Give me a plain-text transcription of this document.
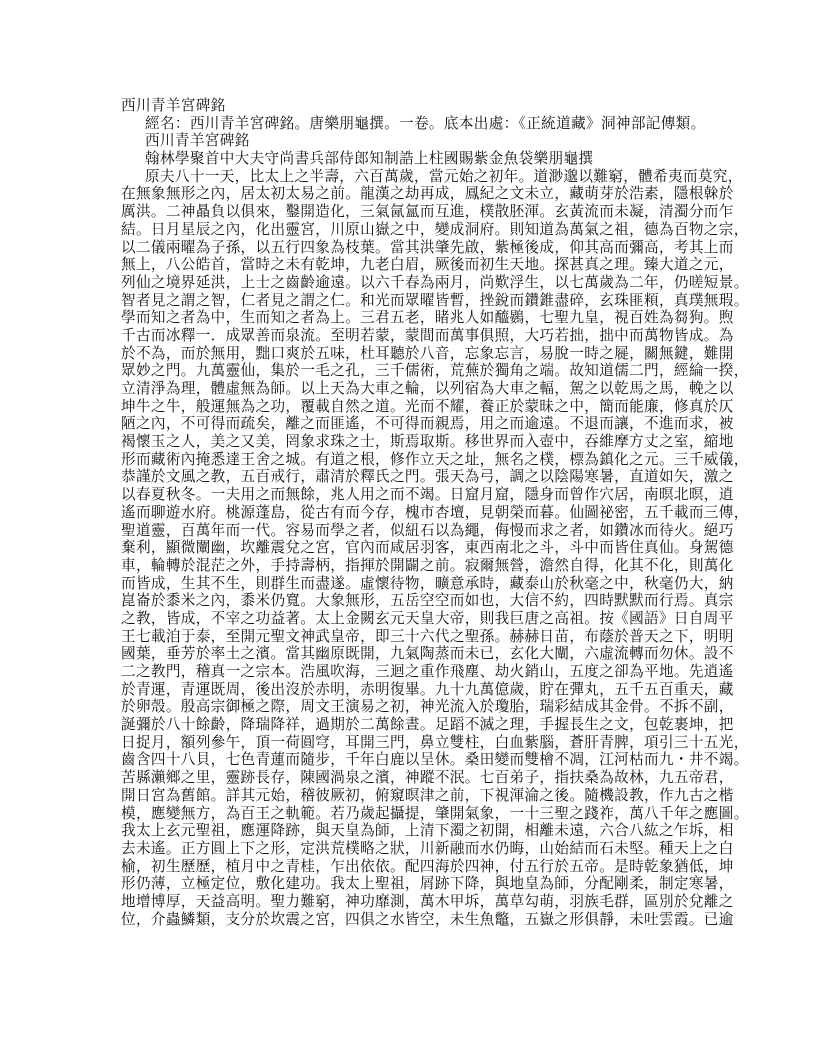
西川青羊宮碑銘
經名：西川青羊宮碑銘。唐樂朋龜撰。一卷。底本出處：《正統道藏》洞神部記傳類。
西川青羊宮碑銘
翰林學聚首中大夫守尚書兵部侍郎知制誥上柱國賜紫金魚袋樂朋龜撰
原夫八十一天，比太上之半壽，六百萬歲，當元始之初年。道渺邈以難窮，體希夷而莫究，
在無象無形之內，居太初太易之前。龍漢之劫再成，鳳紀之文未立，藏萌芽於浩素，隱根榦於
厲洪。二神贔負以俱來，鑿開造化，三氣氤氳而互進，樸散胚渾。玄黃流而未凝，清濁分而乍
結。日月星辰之內，化出靈宮，川原山嶽之中，變成洞府。則知道為萬氣之祖，德為百物之宗，
以二儀兩曜為子孫，以五行四象為枝葉。當其洪肇先啟，紫極後成，仰其高而彌高，考其上而
無上，八公皓首，當時之未有乾坤，九老白眉，厥後而初生天地。探甚真之理。臻大道之元，
列仙之境界延洪，上士之齒齡逾遠。以六千春為兩月，尚歎浮生，以七萬歲為二年，仍嗟短景。
智者見之謂之智，仁者見之謂之仁。和光而眾曜皆暫，挫銳而鑽錐盡碎，玄珠匪頪，真璞無瑕。
學而知之者為中，生而知之者為上。三君五老，睹兆人如醯鷃，七聖九皇，視百姓為芻狗。煦
千古而冰釋一．成眾善而泉流。至明若蒙，蒙間而萬事俱照，大巧若拙，拙中而萬物皆成。為
於不為，而於無用，黜口爽於五味，杜耳聽於八音，忘象忘言，易脫一時之屣，關無鍵，難開
眾妙之門。九萬靈仙，集於一毛之孔，三千儒術，荒蕪於獨角之端。故知道儒二門，經綸一揆，
立清淨為理，體虛無為師。以上天為大車之輪，以列宿為大車之輻，駕之以乾馬之馬，輓之以
坤牛之牛，般運無為之功，覆載自然之道。光而不耀，養正於蒙昧之中，簡而能廉，修真於仄
陋之內，不可得而疏矣，離之而匪遙，不可得而親焉，用之而逾遠。不退而讓，不進而求，被
褐懷玉之人，美之又美，罔象求珠之士，斯焉取斯。移世界而入壺中，吞維摩方丈之室，縮地
形而藏術內掩悉達王舍之城。有道之根，修作立天之址，無名之樸，標為鎮化之元。三千威儀，
恭謹於文風之教，五百戒行，肅清於釋氏之門。張天為弓，調之以陰陽寒暑，直道如矢，激之
以春夏秋冬。一夫用之而無餘，兆人用之而不竭。日窟月窟，隱身而曾作穴居，南暝北暝，逍
遙而聊遊水府。桃源蓬島，從古有而今存，槐市杏壇，見朝榮而暮。仙圖祕密，五千載而三傳，
聖道靈，百萬年而一代。容易而學之者，似紐石以為繩，侮慢而求之者，如鑽冰而待火。絕巧
棄利，顯微闡幽，坎離震兌之宮，官內而咸居羽客，東西南北之斗，斗中而皆住真仙。身駕德
車，輪轉於混茫之外，手持壽柄，指揮於開闢之前。寂爾無營，澹然自得，化其不化，則萬化
而皆成，生其不生，則群生而盡遂。虛懷待物，曠意承時，藏泰山於秋毫之中，秋毫仍大，納
崑崙於黍米之內，黍米仍寬。大象無形，五岳空空而如也，大信不約，四時默默而行焉。真宗
之教，皆成，不宰之功益著。太上金闕玄元天皇大帝，則我巨唐之高祖。按《國語》日自周平
王七載洎于泰，至開元聖文神武皇帝，即三十六代之聖孫。赫赫日苗，布蔭於普天之下，明明
國葉，垂芳於率土之濱。當其幽原既開，九氣陶蒸而未已，玄化大闡，六虛流轉而勿休。設不
二之教門，稽真一之宗本。浩風吹海，三迴之重作飛塵、劫火銷山，五度之卻為平地。先逍遙
於青運，青運既周，後出沒於赤明，赤明復畢。九十九萬億歲，貯在彈丸，五千五百重天，藏
於卵殼。殷高宗御極之際，周文王演易之初，神光流入於瓊胎，瑞彩結成其金骨。不拆不副，
誕彌於八十餘齡，降瑞降祥，過期於二萬餘晝。足蹈不滅之理，手握長生之文，包乾裹坤，把
日捉月，額列參午，頂一荷圓穹，耳開三門，鼻立雙柱，白血紫腦，蒼肝青脾，項引三十五光，
齒含四十八貝，七色青蓮而隨步，千年白鹿以呈休。桑田變而雙檜不凋，江河枯而九・井不竭。
苦縣瀨鄉之里，靈跡長存，陳國渦泉之濱，神蹤不泯。七百弟子，指扶桑為故林，九五帝君，
開日宮為舊館。詳其元始，稽彼厥初，俯窺暝津之前，下視渾淪之後。隨機設教，作九古之楷
模，應變無方，為百王之軌範。若乃歲起攝提，肇開氣象，一十三聖之踐祚，萬八千年之應圖。
我太上玄元聖祖，應運降跡，與天皇為師，上清下濁之初開，相離未遠，六合八紘之乍坼，相
去未遙。正方圓上下之形，定洪荒樸略之狀，川新融而水仍晦，山始結而石未堅。種天上之白
榆，初生歷歷，植月中之青桂，乍出依依。配四海於四神，付五行於五帝。是時乾象猶低，坤
形仍薄，立極定位，敷化建功。我太上聖祖，屑跡下降，與地皇為師，分配剛柔，制定寒暑，
地增博厚，天益高明。聖力難窮，神功靡測，萬木甲坼，萬草勾萌，羽族毛群，區別於兌離之
位，介蟲鱗類，支分於坎震之宮，四俱之水皆空，未生魚鼈，五嶽之形俱靜，未吐雲霞。已逾
